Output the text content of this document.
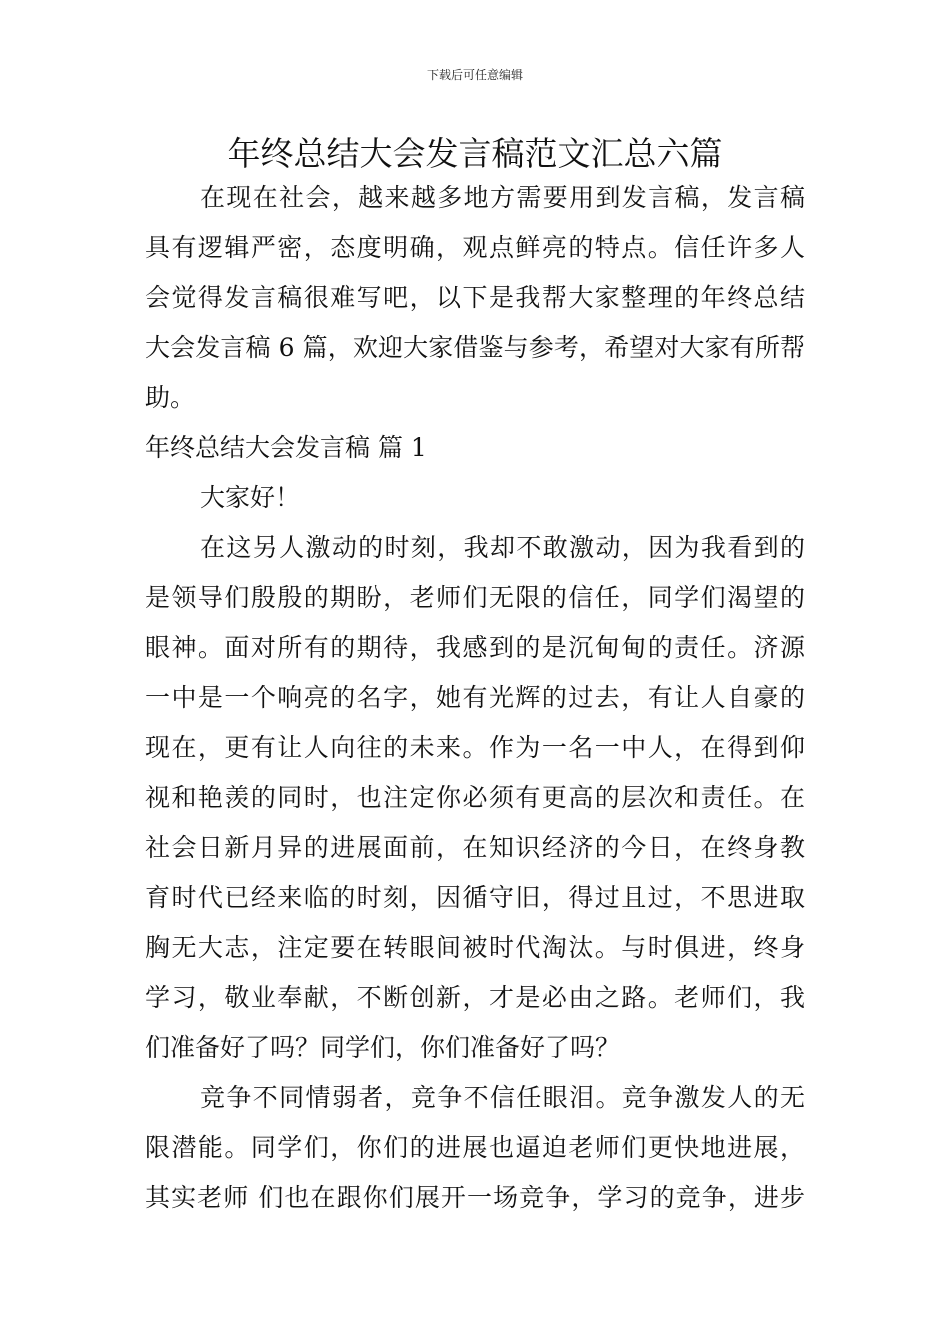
下载后可任意编辑
年终总结大会发言稿范文汇总六篇
在现在社会，越来越多地方需要用到发言稿，发言稿
具有逻辑严密，态度明确，观点鲜亮的特点。信任许多人
会觉得发言稿很难写吧，以下是我帮大家整理的年终总结
大会发言稿 6 篇，欢迎大家借鉴与参考，希望对大家有所帮
助。
年终总结大会发言稿 篇 1
大家好！
在这另人激动的时刻，我却不敢激动，因为我看到的
是领导们殷殷的期盼，老师们无限的信任，同学们渴望的
眼神。面对所有的期待，我感到的是沉甸甸的责任。济源
一中是一个响亮的名字，她有光辉的过去，有让人自豪的
现在，更有让人向往的未来。作为一名一中人，在得到仰
视和艳羡的同时，也注定你必须有更高的层次和责任。在
社会日新月异的进展面前，在知识经济的今日，在终身教
育时代已经来临的时刻，因循守旧，得过且过，不思进取
胸无大志，注定要在转眼间被时代淘汰。与时俱进，终身
学习，敬业奉献，不断创新，才是必由之路。老师们，我
们准备好了吗？同学们，你们准备好了吗？
竞争不同情弱者，竞争不信任眼泪。竞争激发人的无
限潜能。同学们，你们的进展也逼迫老师们更快地进展，
其实老师 们也在跟你们展开一场竞争，学习的竞争，进步
